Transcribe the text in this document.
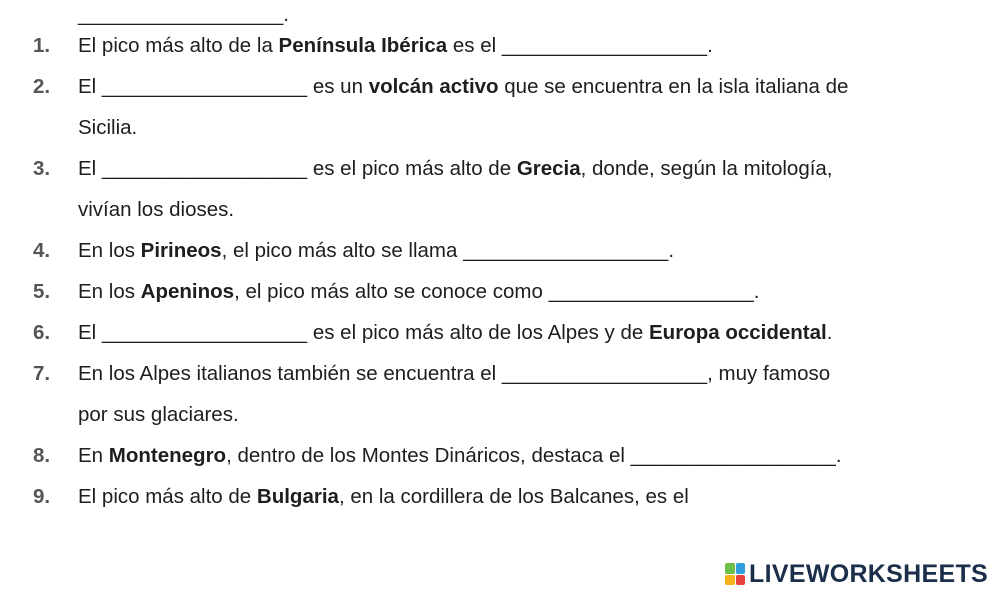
1.	El pico más alto de la Península Ibérica es el __________________.
2.	El __________________ es un volcán activo que se encuentra en la isla italiana de
Sicilia.
3.	El __________________ es el pico más alto de Grecia, donde, según la mitología,
vivían los dioses.
4.	En los Pirineos, el pico más alto se llama __________________.
5.	En los Apeninos, el pico más alto se conoce como __________________.
6.	El __________________ es el pico más alto de los Alpes y de Europa occidental.
7.	En los Alpes italianos también se encuentra el __________________, muy famoso
por sus glaciares.
8.	En Montenegro, dentro de los Montes Dináricos, destaca el __________________.
9.	El pico más alto de Bulgaria, en la cordillera de los Balcanes, es el
__________________.
LIVEWORKSHEETS
